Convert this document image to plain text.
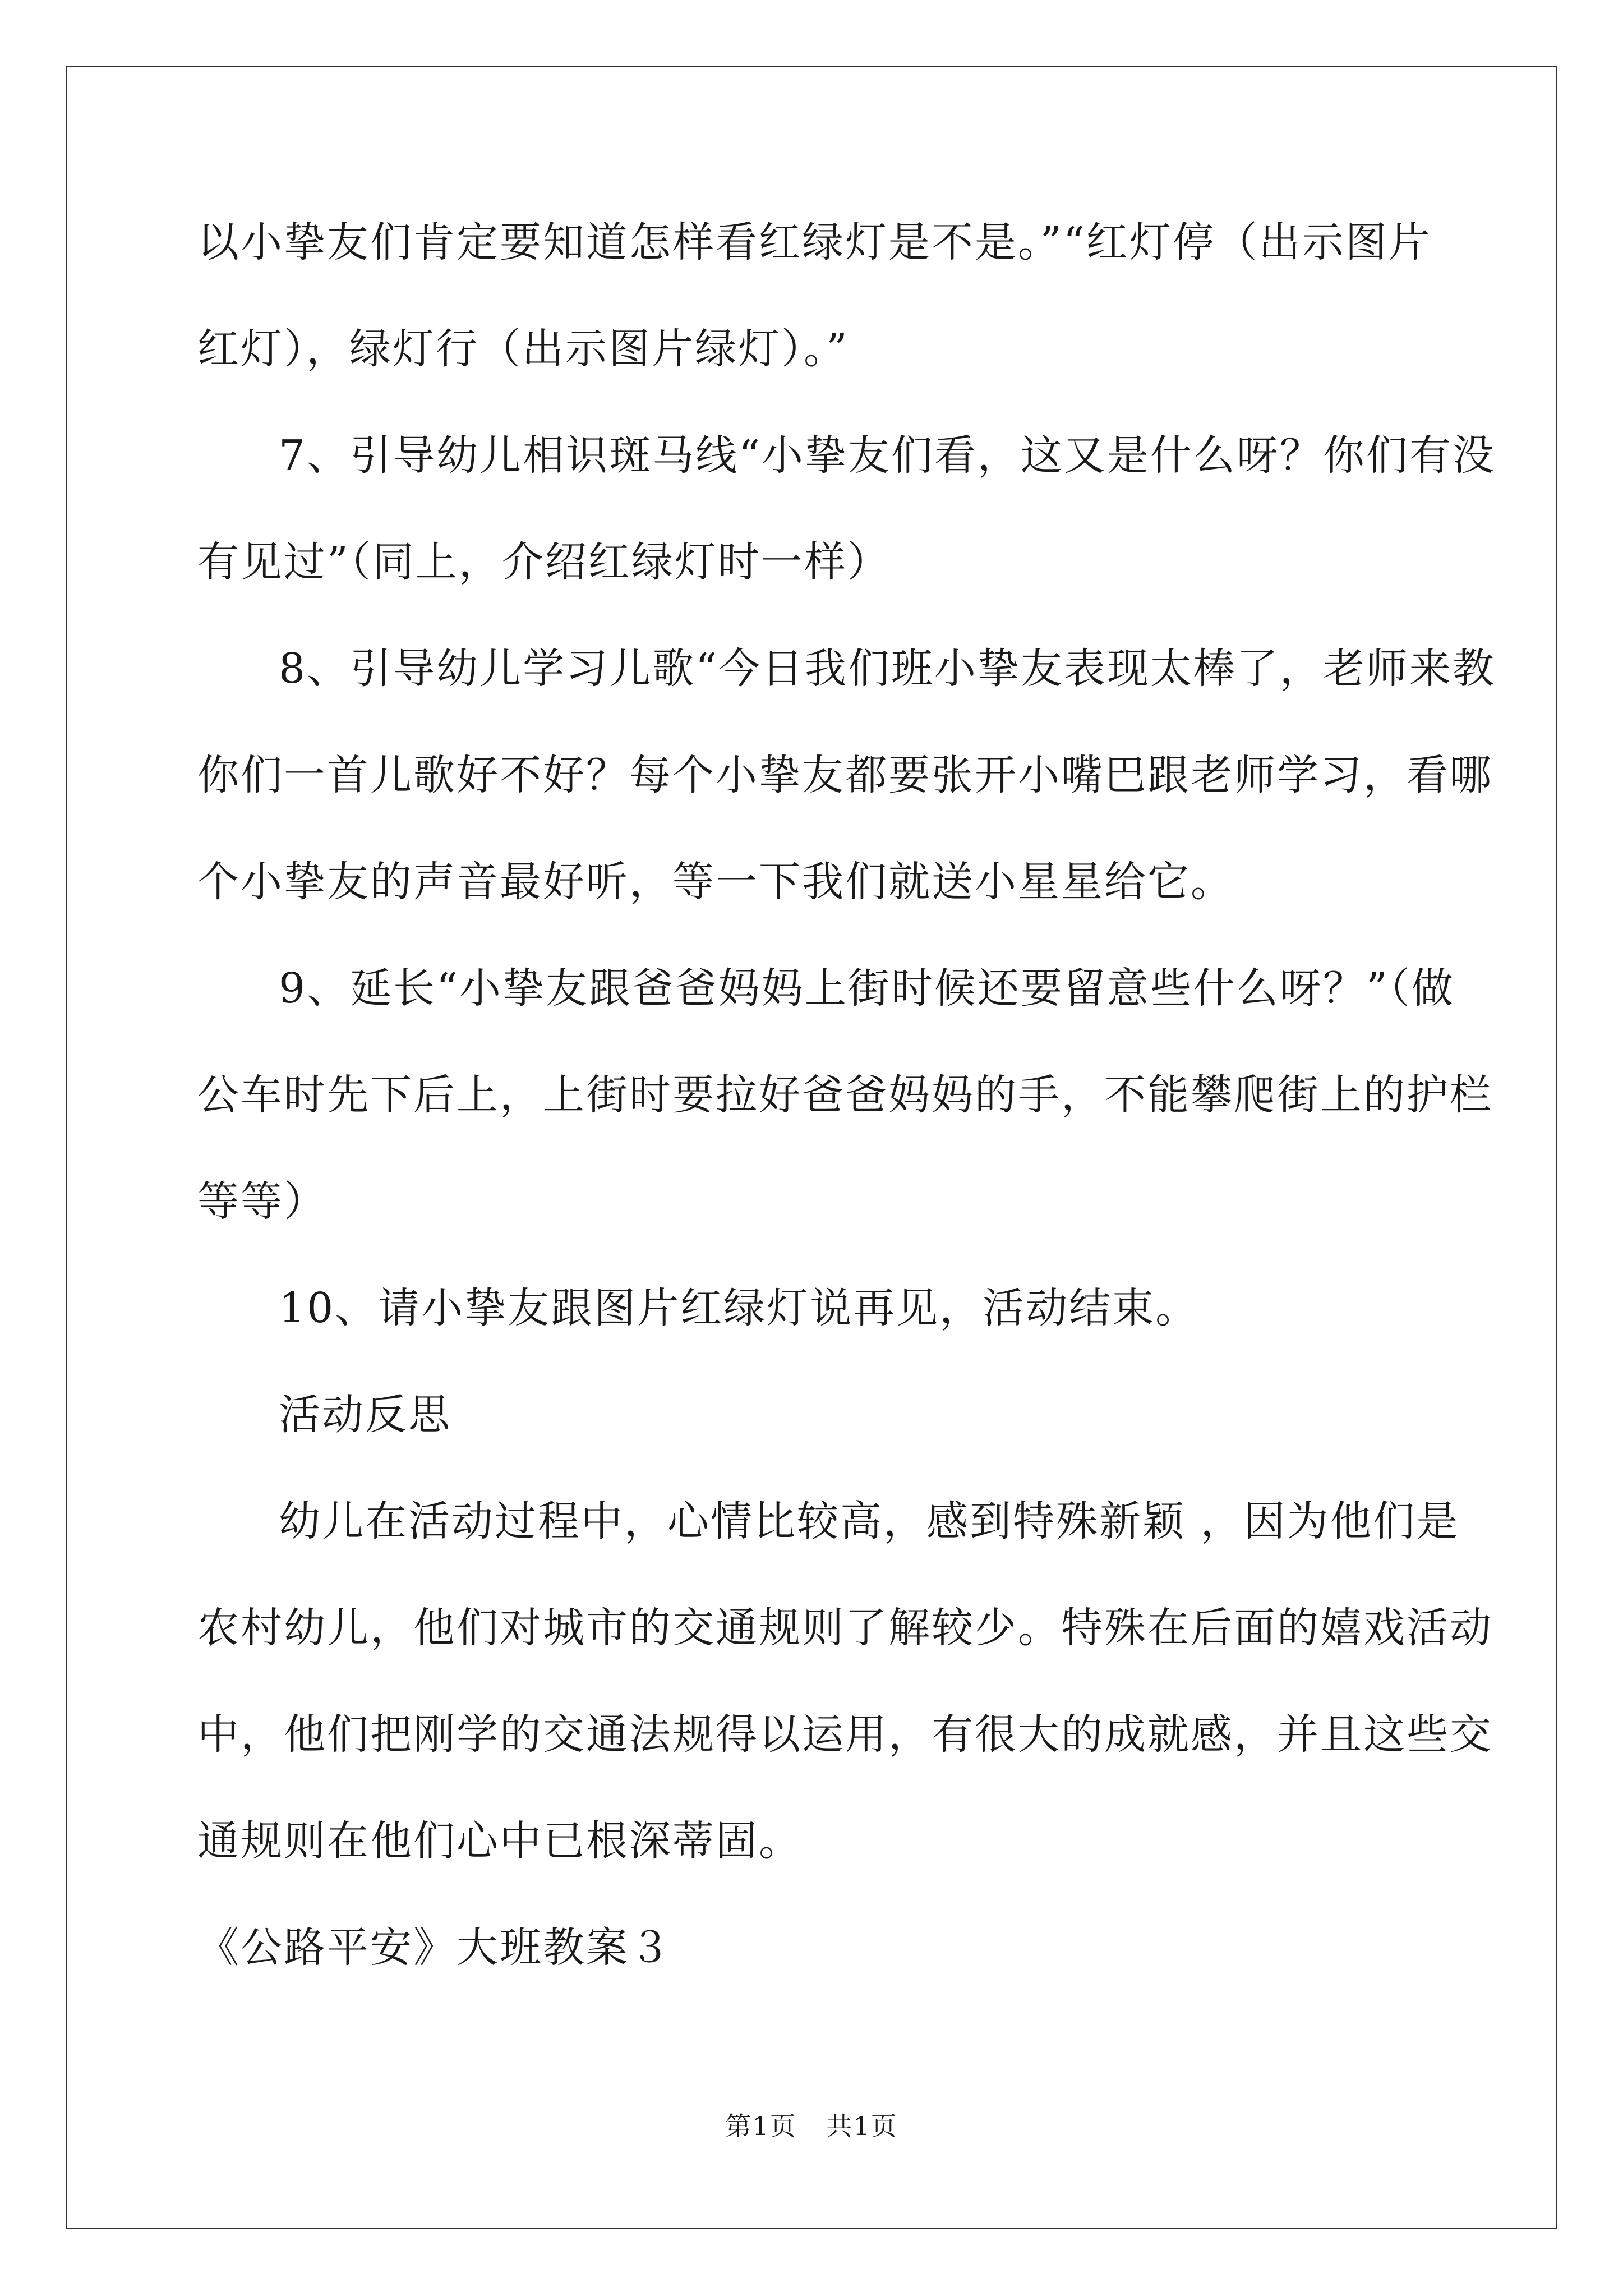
以小挚友们肯定要知道怎样看红绿灯是不是。”“红灯停（出示图片
红灯），绿灯行（出示图片绿灯）。”
7、引导幼儿相识斑马线“小挚友们看，这又是什么呀？你们有没
有见过”（同上，介绍红绿灯时一样）
8、引导幼儿学习儿歌“今日我们班小挚友表现太棒了，老师来教
你们一首儿歌好不好？每个小挚友都要张开小嘴巴跟老师学习，看哪
个小挚友的声音最好听，等一下我们就送小星星给它。
9、延长“小挚友跟爸爸妈妈上街时候还要留意些什么呀？”（做
公车时先下后上，上街时要拉好爸爸妈妈的手，不能攀爬街上的护栏
等等）
10、请小挚友跟图片红绿灯说再见，活动结束。
活动反思
幼儿在活动过程中，心情比较高，感到特殊新颖 ，因为他们是
农村幼儿，他们对城市的交通规则了解较少。特殊在后面的嬉戏活动
中，他们把刚学的交通法规得以运用，有很大的成就感，并且这些交
通规则在他们心中已根深蒂固。
《公路平安》大班教案３
第1页 共1页
